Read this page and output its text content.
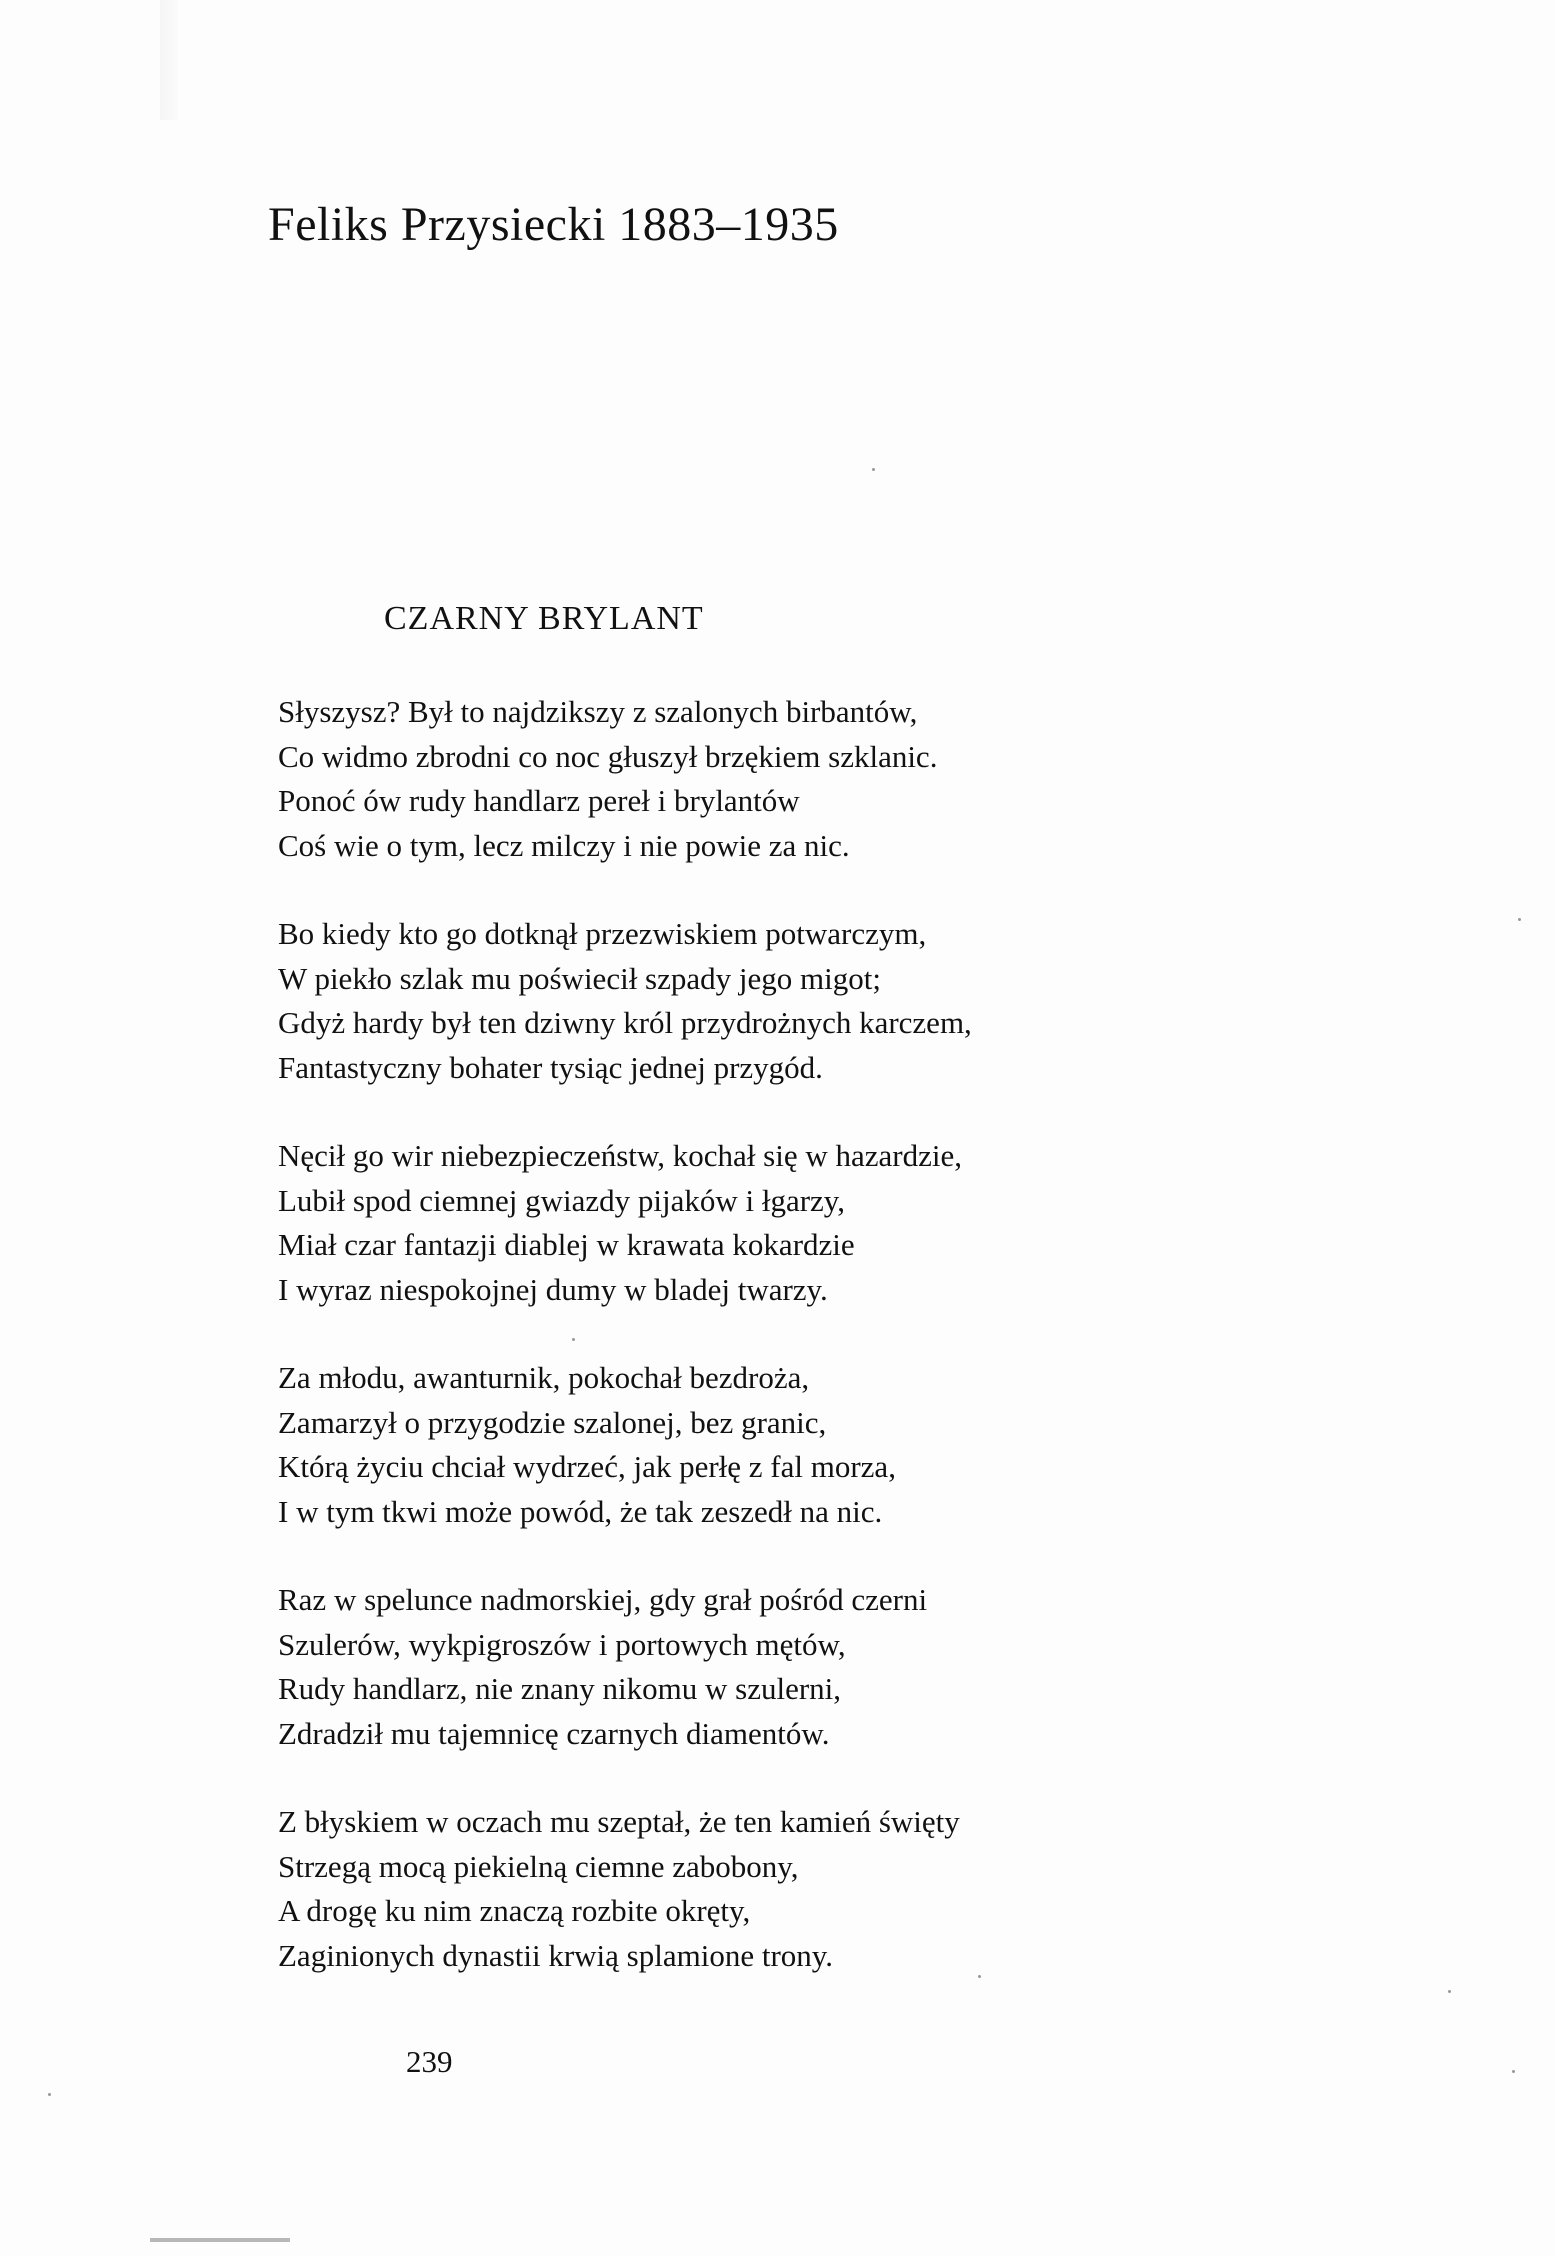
Feliks Przysiecki 1883–1935
CZARNY BRYLANT
Słyszysz? Był to najdzikszy z szalonych birbantów,
Co widmo zbrodni co noc głuszył brzękiem szklanic.
Ponoć ów rudy handlarz pereł i brylantów
Coś wie o tym, lecz milczy i nie powie za nic.
Bo kiedy kto go dotknął przezwiskiem potwarczym,
W piekło szlak mu poświecił szpady jego migot;
Gdyż hardy był ten dziwny król przydrożnych karczem,
Fantastyczny bohater tysiąc jednej przygód.
Nęcił go wir niebezpieczeństw, kochał się w hazardzie,
Lubił spod ciemnej gwiazdy pijaków i łgarzy,
Miał czar fantazji diablej w krawata kokardzie
I wyraz niespokojnej dumy w bladej twarzy.
Za młodu, awanturnik, pokochał bezdroża,
Zamarzył o przygodzie szalonej, bez granic,
Którą życiu chciał wydrzeć, jak perłę z fal morza,
I w tym tkwi może powód, że tak zeszedł na nic.
Raz w spelunce nadmorskiej, gdy grał pośród czerni
Szulerów, wykpigroszów i portowych mętów,
Rudy handlarz, nie znany nikomu w szulerni,
Zdradził mu tajemnicę czarnych diamentów.
Z błyskiem w oczach mu szeptał, że ten kamień święty
Strzegą mocą piekielną ciemne zabobony,
A drogę ku nim znaczą rozbite okręty,
Zaginionych dynastii krwią splamione trony.
239
